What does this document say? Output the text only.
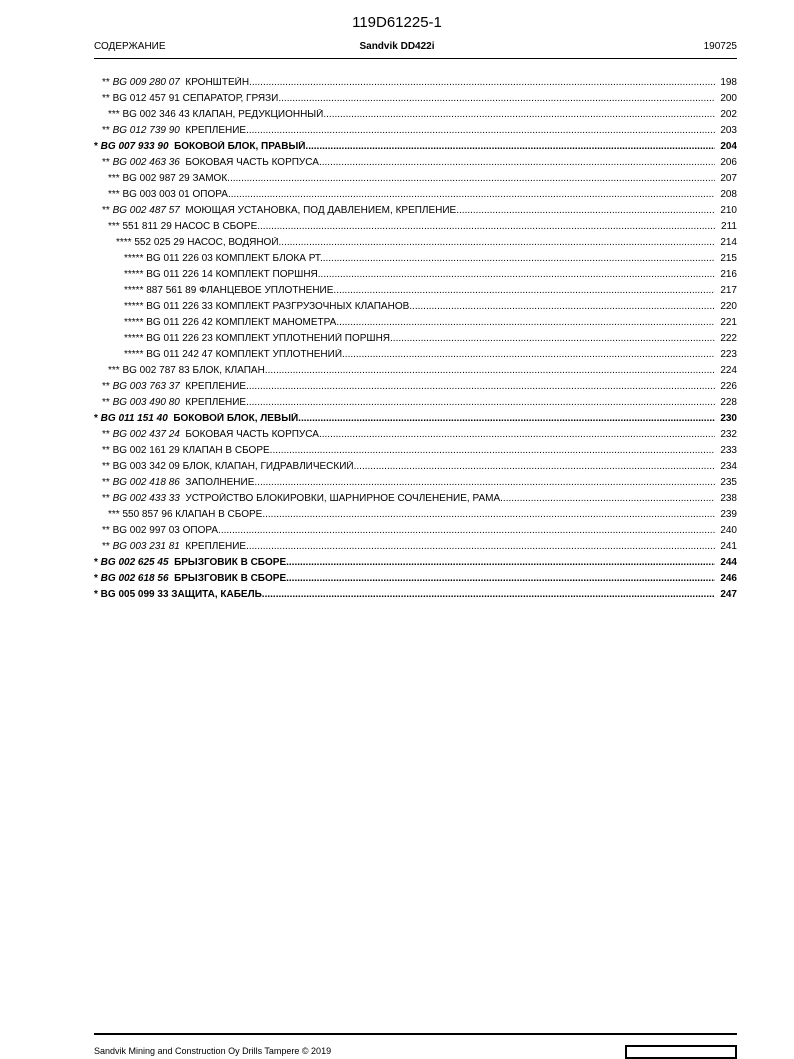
119D61225-1
СОДЕРЖАНИЕ	Sandvik DD422i	190725
** BG 009 280 07 КРОНШТЕЙН .....	198
** BG 012 457 91 СЕПАРАТОР, ГРЯЗИ .....	200
*** BG 002 346 43 КЛАПАН, РЕДУКЦИОННЫЙ .....	202
** BG 012 739 90 КРЕПЛЕНИЕ .....	203
* BG 007 933 90 БОКОВОЙ БЛОК, ПРАВЫЙ .....	204
** BG 002 463 36 БОКОВАЯ ЧАСТЬ КОРПУСА .....	206
*** BG 002 987 29 ЗАМОК .....	207
*** BG 003 003 01 ОПОРА .....	208
** BG 002 487 57 МОЮЩАЯ УСТАНОВКА, ПОД ДАВЛЕНИЕМ, КРЕПЛЕНИЕ .....	210
*** 551 811 29 НАСОС В СБОРЕ .....	211
**** 552 025 29 НАСОС, ВОДЯНОЙ .....	214
***** BG 011 226 03 КОМПЛЕКТ БЛОКА РТ .....	215
***** BG 011 226 14 КОМПЛЕКТ ПОРШНЯ .....	216
***** 887 561 89 ФЛАНЦЕВОЕ УПЛОТНЕНИЕ .....	217
***** BG 011 226 33 КОМПЛЕКТ РАЗГРУЗОЧНЫХ КЛАПАНОВ .....	220
***** BG 011 226 42 КОМПЛЕКТ МАНОМЕТРА .....	221
***** BG 011 226 23 КОМПЛЕКТ УПЛОТНЕНИЙ ПОРШНЯ .....	222
***** BG 011 242 47 КОМПЛЕКТ УПЛОТНЕНИЙ .....	223
*** BG 002 787 83 БЛОК, КЛАПАН .....	224
** BG 003 763 37 КРЕПЛЕНИЕ .....	226
** BG 003 490 80 КРЕПЛЕНИЕ .....	228
* BG 011 151 40 БОКОВОЙ БЛОК, ЛЕВЫЙ .....	230
** BG 002 437 24 БОКОВАЯ ЧАСТЬ КОРПУСА .....	232
** BG 002 161 29 КЛАПАН В СБОРЕ .....	233
** BG 003 342 09 БЛОК, КЛАПАН, ГИДРАВЛИЧЕСКИЙ .....	234
** BG 002 418 86 ЗАПОЛНЕНИЕ .....	235
** BG 002 433 33 УСТРОЙСТВО БЛОКИРОВКИ, ШАРНИРНОЕ СОЧЛЕНЕНИЕ, РАМА .....	238
*** 550 857 96 КЛАПАН В СБОРЕ .....	239
** BG 002 997 03 ОПОРА .....	240
** BG 003 231 81 КРЕПЛЕНИЕ .....	241
* BG 002 625 45 БРЫЗГОВИК В СБОРЕ .....	244
* BG 002 618 56 БРЫЗГОВИК В СБОРЕ .....	246
* BG 005 099 33 ЗАЩИТА, КАБЕЛЬ .....	247
Sandvik Mining and Construction Oy Drills Tampere © 2019
